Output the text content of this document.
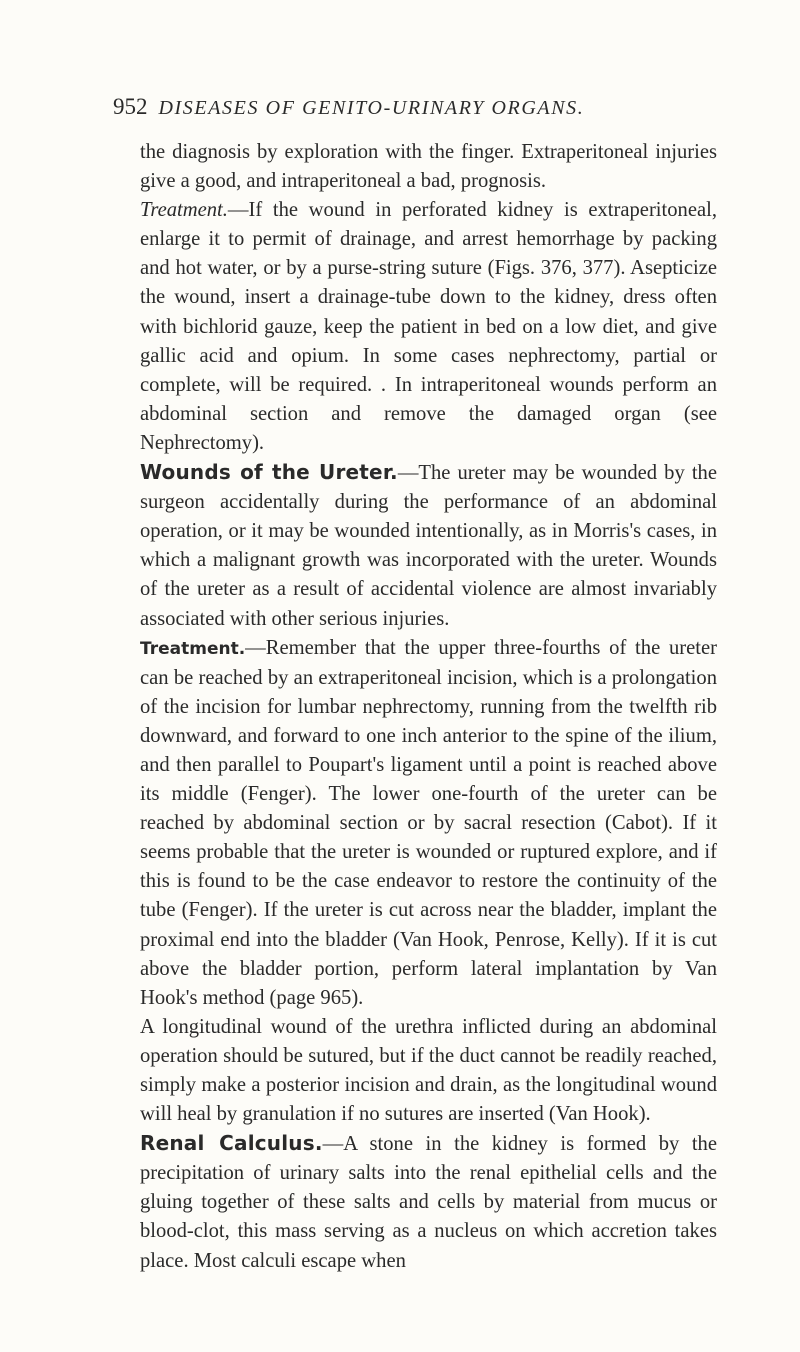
952 DISEASES OF GENITO-URINARY ORGANS.

the diagnosis by exploration with the finger. Extraperitoneal injuries give a good, and intraperitoneal a bad, prognosis.

Treatment.—If the wound in perforated kidney is extraperitoneal, enlarge it to permit of drainage, and arrest hemorrhage by packing and hot water, or by a purse-string suture (Figs. 376, 377). Asepticize the wound, insert a drainage-tube down to the kidney, dress often with bichlorid gauze, keep the patient in bed on a low diet, and give gallic acid and opium. In some cases nephrectomy, partial or complete, will be required. . In intraperitoneal wounds perform an abdominal section and remove the damaged organ (see Nephrectomy).

Wounds of the Ureter.—The ureter may be wounded by the surgeon accidentally during the performance of an abdominal operation, or it may be wounded intentionally, as in Morris's cases, in which a malignant growth was incorporated with the ureter. Wounds of the ureter as a result of accidental violence are almost invariably associated with other serious injuries.

Treatment.—Remember that the upper three-fourths of the ureter can be reached by an extraperitoneal incision, which is a prolongation of the incision for lumbar nephrectomy, running from the twelfth rib downward, and forward to one inch anterior to the spine of the ilium, and then parallel to Poupart's ligament until a point is reached above its middle (Fenger). The lower one-fourth of the ureter can be reached by abdominal section or by sacral resection (Cabot). If it seems probable that the ureter is wounded or ruptured explore, and if this is found to be the case endeavor to restore the continuity of the tube (Fenger). If the ureter is cut across near the bladder, implant the proximal end into the bladder (Van Hook, Penrose, Kelly). If it is cut above the bladder portion, perform lateral implantation by Van Hook's method (page 965).

A longitudinal wound of the urethra inflicted during an abdominal operation should be sutured, but if the duct cannot be readily reached, simply make a posterior incision and drain, as the longitudinal wound will heal by granulation if no sutures are inserted (Van Hook).

Renal Calculus.—A stone in the kidney is formed by the precipitation of urinary salts into the renal epithelial cells and the gluing together of these salts and cells by material from mucus or blood-clot, this mass serving as a nucleus on which accretion takes place. Most calculi escape when
